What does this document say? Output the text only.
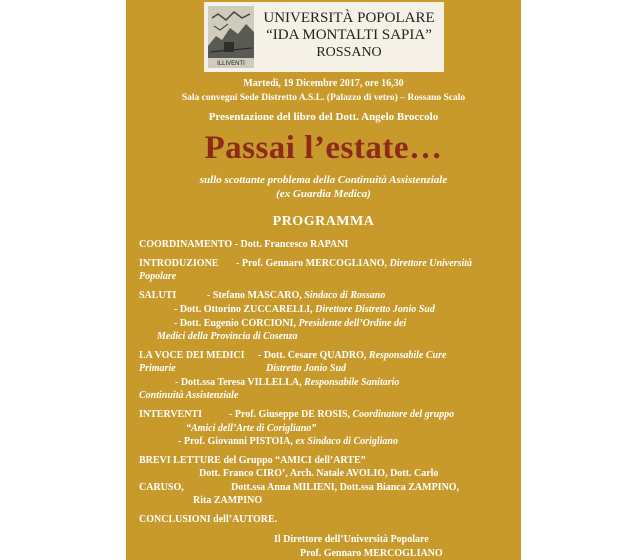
ILLIVENTI
UNIVERSITÀ POPOLARE
“IDA MONTALTI SAPIA”
ROSSANO
Martedì, 19 Dicembre 2017, ore 16,30
Sala convegni Sede Distretto A.S.L. (Palazzo di vetro) – Rossano Scalo
Presentazione del libro del Dott. Angelo Broccolo
Passai l’estate…
sullo scottante problema della Continuità Assistenziale
(ex Guardia Medica)
PROGRAMMA
COORDINAMENTO - Dott. Francesco RAPANI
INTRODUZIONE - Prof. Gennaro MERCOGLIANO, Direttore Università
Popolare
SALUTI	- Stefano MASCARO, Sindaco di Rossano
- Dott. Ottorino ZUCCARELLI, Direttore Distretto Jonio Sud
- Dott. Eugenio CORCIONI, Presidente dell’Ordine dei
Medici della Provincia di Cosenza
LA VOCE DEI MEDICI - Dott. Cesare QUADRO, Responsabile Cure
Primarie	Distretto Jonio Sud
- Dott.ssa Teresa VILLELLA, Responsabile Sanitario
Continuità Assistenziale
INTERVENTI	- Prof. Giuseppe DE ROSIS, Coordinatore del gruppo
“Amici dell’Arte di Corigliano”
- Prof. Giovanni PISTOIA, ex Sindaco di Corigliano
BREVI LETTURE del Gruppo “AMICI dell’ARTE”
Dott. Franco CIRO’, Arch. Natale AVOLIO, Dott. Carlo
CARUSO,	Dott.ssa Anna MILIENI, Dott.ssa Bianca ZAMPINO,
Rita ZAMPINO
CONCLUSIONI dell’AUTORE.
Il Direttore dell’Università Popolare
Prof. Gennaro MERCOGLIANO
